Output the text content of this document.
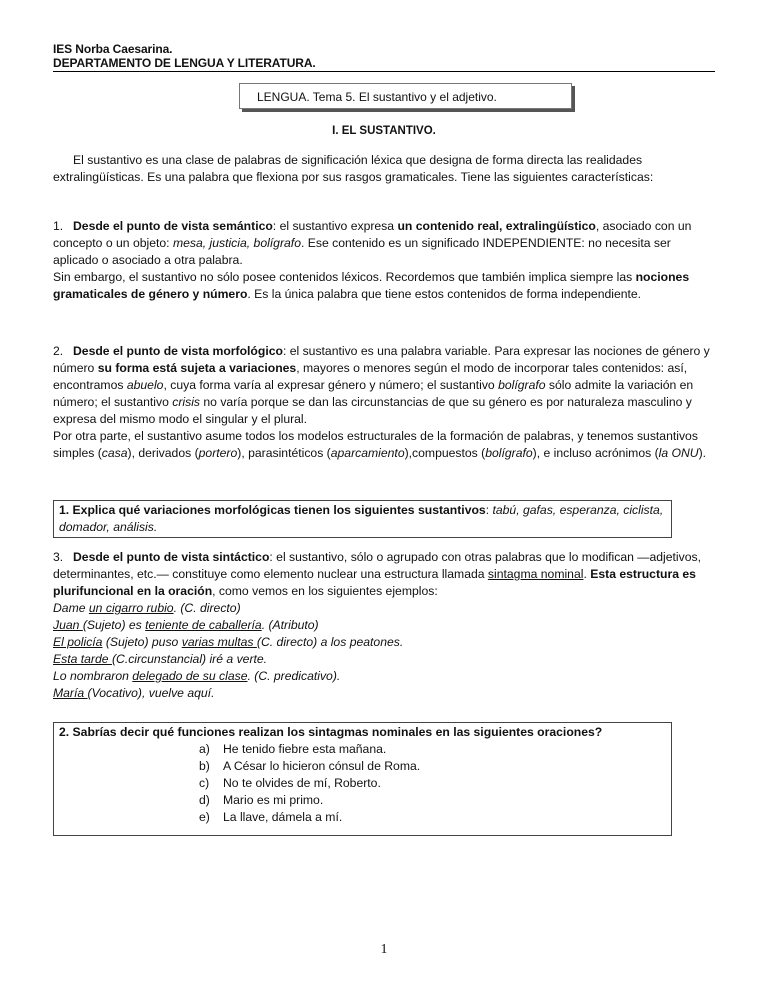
IES Norba Caesarina.
DEPARTAMENTO DE LENGUA Y LITERATURA.
LENGUA. Tema 5. El sustantivo y el adjetivo.
I. EL SUSTANTIVO.

El sustantivo es una clase de palabras de significación léxica que designa de forma directa las realidades extralingüísticas. Es una palabra que flexiona por sus rasgos gramaticales. Tiene las siguientes características:

1. Desde el punto de vista semántico: el sustantivo expresa un contenido real, extralingüístico, asociado con un concepto o un objeto: mesa, justicia, bolígrafo. Ese contenido es un significado INDEPENDIENTE: no necesita ser aplicado o asociado a otra palabra.

Sin embargo, el sustantivo no sólo posee contenidos léxicos. Recordemos que también implica siempre las nociones gramaticales de género y número. Es la única palabra que tiene estos contenidos de forma independiente.

2. Desde el punto de vista morfológico: el sustantivo es una palabra variable. Para expresar las nociones de género y número su forma está sujeta a variaciones, mayores o menores según el modo de incorporar tales contenidos: así, encontramos abuelo, cuya forma varía al expresar género y número; el sustantivo bolígrafo sólo admite la variación en número; el sustantivo crisis no varía porque se dan las circunstancias de que su género es por naturaleza masculino y expresa del mismo modo el singular y el plural.

Por otra parte, el sustantivo asume todos los modelos estructurales de la formación de palabras, y tenemos sustantivos simples (casa), derivados (portero), parasintéticos (aparcamiento),compuestos (bolígrafo), e incluso acrónimos (la ONU).

1. Explica qué variaciones morfológicas tienen los siguientes sustantivos: tabú, gafas, esperanza, ciclista, domador, análisis.

3. Desde el punto de vista sintáctico: el sustantivo, sólo o agrupado con otras palabras que lo modifican —adjetivos, determinantes, etc.— constituye como elemento nuclear una estructura llamada sintagma nominal. Esta estructura es plurifuncional en la oración, como vemos en los siguientes ejemplos:

Dame un cigarro rubio. (C. directo)
Juan (Sujeto) es teniente de caballería. (Atributo)
El policía (Sujeto) puso varias multas (C. directo) a los peatones.
Esta tarde (C.circunstancial) iré a verte.
Lo nombraron delegado de su clase. (C. predicativo).
María (Vocativo), vuelve aquí.
2. Sabrías decir qué funciones realizan los sintagmas nominales en las siguientes oraciones?
a) He tenido fiebre esta mañana.
b) A César lo hicieron cónsul de Roma.
c) No te olvides de mí, Roberto.
d) Mario es mi primo.
e) La llave, dámela a mí.
1
